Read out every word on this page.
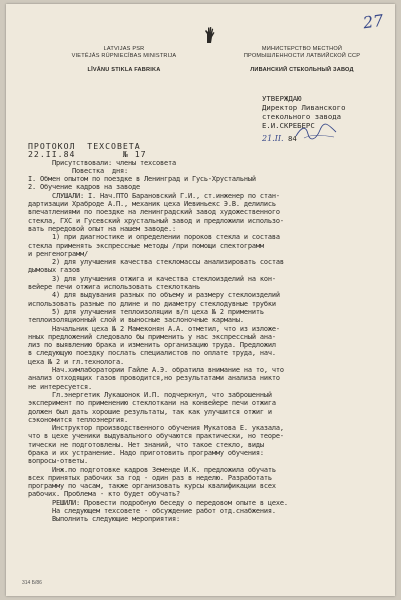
27
LATVIJAS PSR
VIETĒJĀS RŪPNIECĪBAS MINISTRIJA
LĪVĀNU STIKLA FABRIKA
МИНИСТЕРСТВО МЕСТНОЙ
ПРОМЫШЛЕННОСТИ ЛАТВИЙСКОЙ ССР
ЛИВАНСКИЙ СТЕКОЛЬНЫЙ ЗАВОД
УТВЕРЖДАЮ
Директор Ливанского
стекольного завода
Е.И.СКРЕБЕРС
21.II. 84
ПРОТОКОЛ  ТЕХСОВЕТА
22.II.84        № 17
Присутствовали: члены техсовета
Повестка  дня:
I. Обмен опытом по поездке в Ленинград и Гусь-Хрустальный
2. Обучение кадров на заводе
СЛУШАЛИ: I. Нач.ПТО Барановский Г.И., ст.инженер по стан-
дартизации Храброде А.П., механик цеха Иевиньекс Э.В. делились
впечатлениями по поездке на ленинградский завод художественного
стекла, ГХС и Гусевский хрустальный завод и предложили использо-
вать передовой опыт на нашем заводе.:
1) при диагностике и определении пороков стекла и состава
стекла применять экспрессные методы /при помощи спектограмм
и ренгенограмм/
2) для улучшения качества стекломассы анализировать состав
дымовых газов
3) для улучшения отжига и качества стеклоизделий на кон-
вейере печи отжига использовать стеклоткань
4) для выдувания разных по объему и размеру стеклоизделий
использовать разные по длине и по диаметру стеклодувные трубки
5) для улучшения теплоизоляции в/п цеха № 2 применить
теплоизоляционный слой и выносные заслоночные карманы.
Начальник цеха № 2 Мамеконян А.А. отметил, что из изложе-
нных предложений следовало бы применить у нас экспрессный ана-
лиз по выявлению брака и изменить организацию труда. Предложил
в следующую поездку послать специалистов по оплате труда, нач.
цеха № 2 и гл.технолога.
Нач.химлаборатории Гайле А.Э. обратила внимание на то, что
анализ отходящих газов проводится,но результатами анализа никто
не интересуется.
Гл.энергетик Лукашонок И.П. подчеркнул, что заброшенный
эксперимент по применению стеклоткани на конвейере печи отжига
должен был дать хорошие результаты, так как улучшится отжиг и
сэкономится теплоэнергия.
Инструктор производственного обучения Мукатова Е. указала,
что в цехе ученики выдувального обучаются практически, но теоре-
тически не подготовлены. Нет знаний, что такое стекло, виды
брака и их устранение. Надо приготовить программу обучения:
вопросы-ответы.
Инж.по подготовке кадров Земенде И.К. предложила обучать
всех принятых рабочих за год - один раз в неделю. Разработать
программу по часам, также организовать курсы квалификации всех
рабочих. Проблема - кто будет обучать?
РЕШИЛИ: Провести подробную беседу о передовом опыте в цехе.
На следующем техсовете - обсуждение работ отд.снабжения.
Выполнить следующие мероприятия:
314 Б/86
